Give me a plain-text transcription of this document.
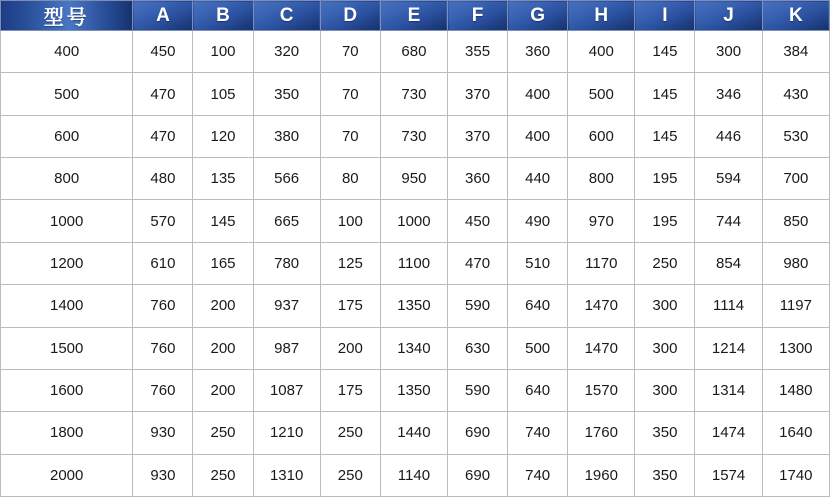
型号	A	B	C	D	E	F	G	H	I	J	K
400	450	100	320	70	680	355	360	400	145	300	384
500	470	105	350	70	730	370	400	500	145	346	430
600	470	120	380	70	730	370	400	600	145	446	530
800	480	135	566	80	950	360	440	800	195	594	700
1000	570	145	665	100	1000	450	490	970	195	744	850
1200	610	165	780	125	1100	470	510	1170	250	854	980
1400	760	200	937	175	1350	590	640	1470	300	1114	1197
1500	760	200	987	200	1340	630	500	1470	300	1214	1300
1600	760	200	1087	175	1350	590	640	1570	300	1314	1480
1800	930	250	1210	250	1440	690	740	1760	350	1474	1640
2000	930	250	1310	250	1140	690	740	1960	350	1574	1740
